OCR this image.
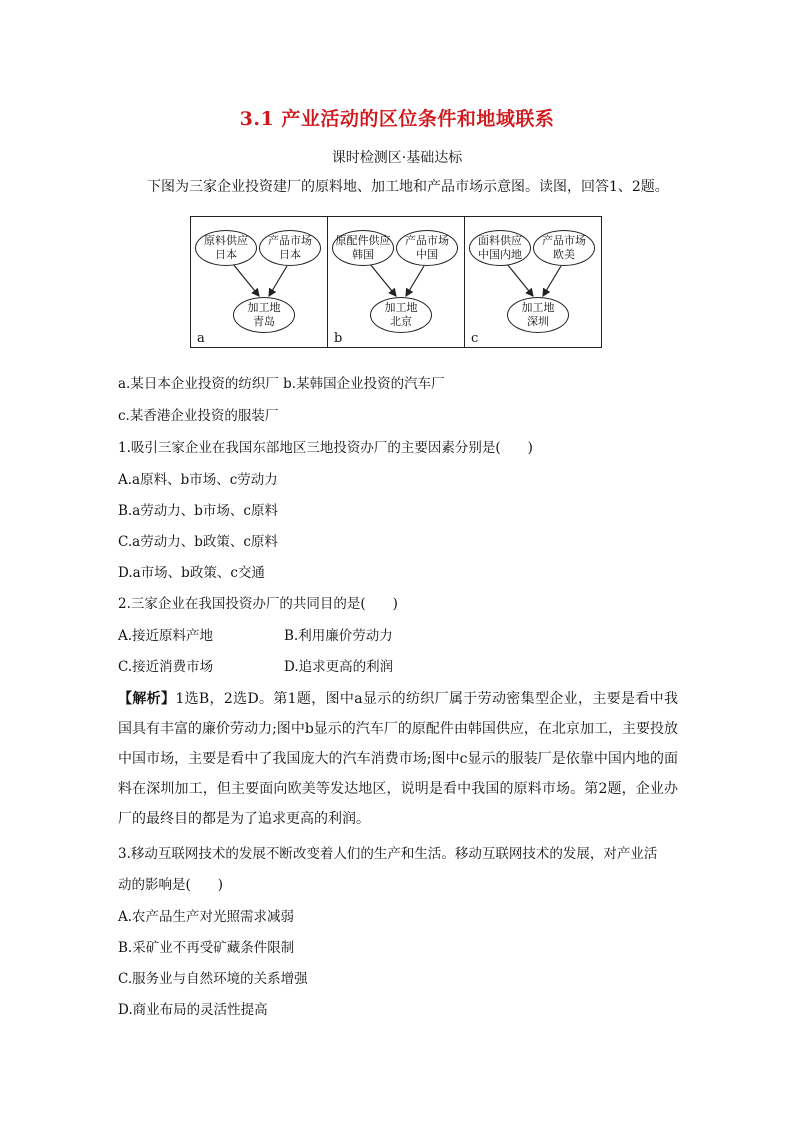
3.1 产业活动的区位条件和地域联系
课时检测区·基础达标
下图为三家企业投资建厂的原料地、加工地和产品市场示意图。读图，回答1、2题。
原料供应
日本
产品市场
日本
加工地
青岛
a
原配件供应
韩国
产品市场
中国
加工地
北京
b
面料供应
中国内地
产品市场
欧美
加工地
深圳
c
a.某日本企业投资的纺织厂 b.某韩国企业投资的汽车厂
c.某香港企业投资的服装厂
1.吸引三家企业在我国东部地区三地投资办厂的主要因素分别是(　　)
A.a原料、b市场、c劳动力
B.a劳动力、b市场、c原料
C.a劳动力、b政策、c原料
D.a市场、b政策、c交通
2.三家企业在我国投资办厂的共同目的是(　　)
A.接近原料产地	B.利用廉价劳动力
C.接近消费市场	D.追求更高的利润
【解析】1选B，2选D。第1题，图中a显示的纺织厂属于劳动密集型企业，主要是看中我国具有丰富的廉价劳动力;图中b显示的汽车厂的原配件由韩国供应，在北京加工，主要投放中国市场，主要是看中了我国庞大的汽车消费市场;图中c显示的服装厂是依靠中国内地的面料在深圳加工，但主要面向欧美等发达地区，说明是看中我国的原料市场。第2题，企业办厂的最终目的都是为了追求更高的利润。
3.移动互联网技术的发展不断改变着人们的生产和生活。移动互联网技术的发展，对产业活
动的影响是(　　)
A.农产品生产对光照需求减弱
B.采矿业不再受矿藏条件限制
C.服务业与自然环境的关系增强
D.商业布局的灵活性提高
